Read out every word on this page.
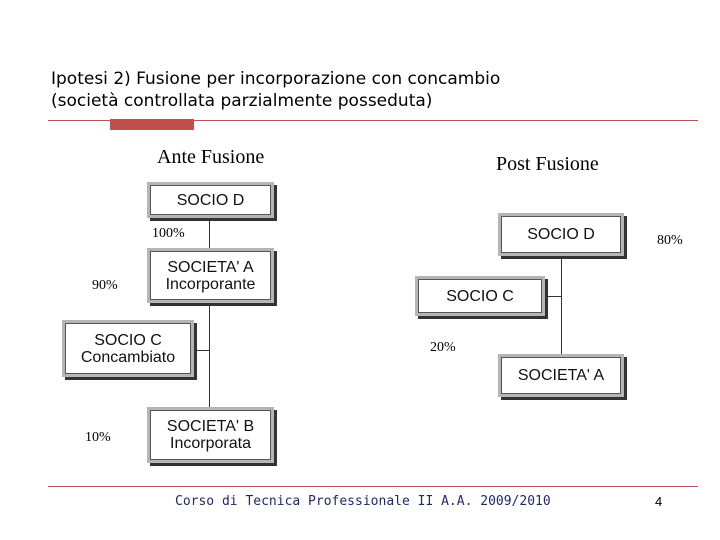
Ipotesi 2) Fusione per incorporazione con concambio
(società controllata parzialmente posseduta)
Ante Fusione
SOCIO D
100%
SOCIETA' A
Incorporante
90%
SOCIO C
Concambiato
10%
SOCIETA' B
Incorporata
Post Fusione
SOCIO D	80%
SOCIO C
20%
SOCIETA' A
Corso di Tecnica Professionale II A.A. 2009/2010	4
